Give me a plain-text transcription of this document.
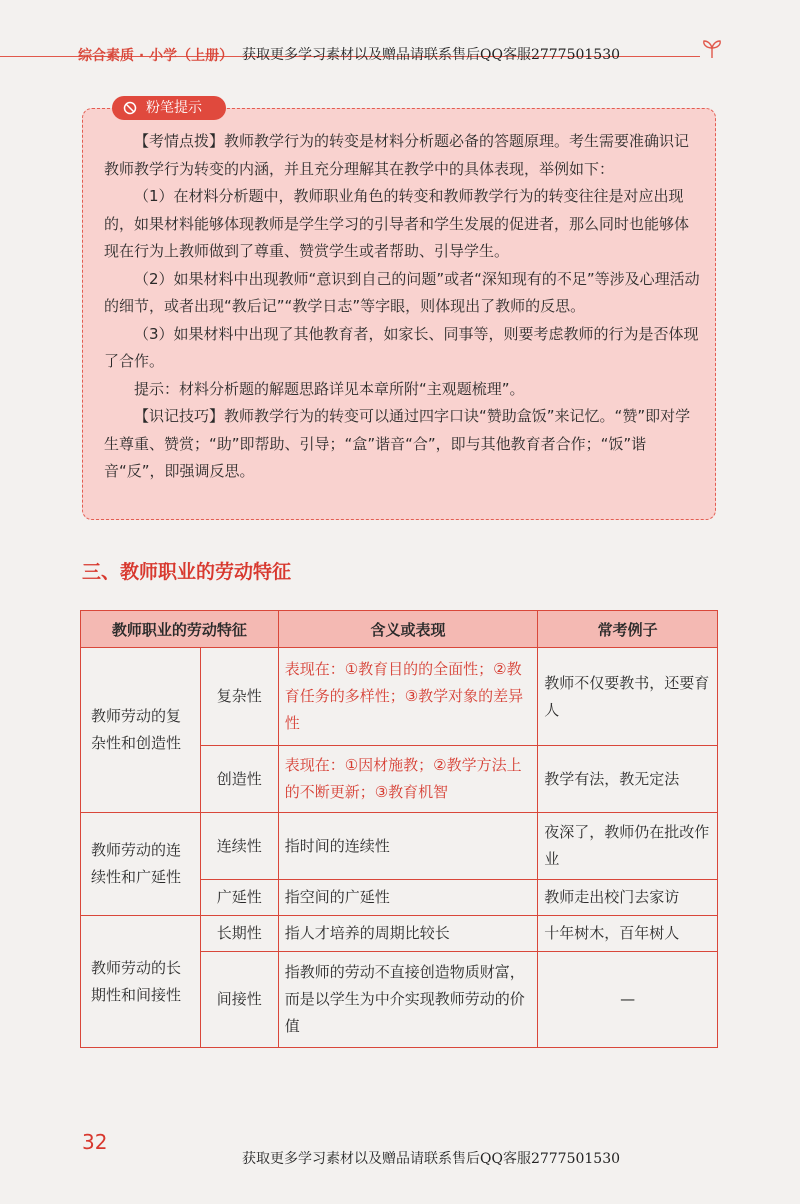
综合素质 · 小学（上册） 获取更多学习素材以及赠品请联系售后QQ客服2777501530
粉笔提示

【考情点拨】教师教学行为的转变是材料分析题必备的答题原理。考生需要准确识记教师教学行为转变的内涵，并且充分理解其在教学中的具体表现，举例如下：

（1）在材料分析题中，教师职业角色的转变和教师教学行为的转变往往是对应出现的，如果材料能够体现教师是学生学习的引导者和学生发展的促进者，那么同时也能够体现在行为上教师做到了尊重、赞赏学生或者帮助、引导学生。

（2）如果材料中出现教师“意识到自己的问题”或者“深知现有的不足”等涉及心理活动的细节，或者出现“教后记”“教学日志”等字眼，则体现出了教师的反思。

（3）如果材料中出现了其他教育者，如家长、同事等，则要考虑教师的行为是否体现了合作。

提示：材料分析题的解题思路详见本章所附“主观题梳理”。

【识记技巧】教师教学行为的转变可以通过四字口诀“赞助盒饭”来记忆。“赞”即对学生尊重、赞赏；“助”即帮助、引导；“盒”谐音“合”，即与其他教育者合作；“饭”谐音“反”，即强调反思。

三、教师职业的劳动特征
教师职业的劳动特征		含义或表现	常考例子
教师劳动的复杂性和创造性	复杂性	表现在：①教育目的的全面性；②教育任务的多样性；③教学对象的差异性	教师不仅要教书，还要育人
	创造性	表现在：①因材施教；②教学方法上的不断更新；③教育机智	教学有法，教无定法
教师劳动的连续性和广延性	连续性	指时间的连续性	夜深了，教师仍在批改作业
	广延性	指空间的广延性	教师走出校门去家访
教师劳动的长期性和间接性	长期性	指人才培养的周期比较长	十年树木，百年树人
	间接性	指教师的劳动不直接创造物质财富，而是以学生为中介实现教师劳动的价值	—
32
获取更多学习素材以及赠品请联系售后QQ客服2777501530
